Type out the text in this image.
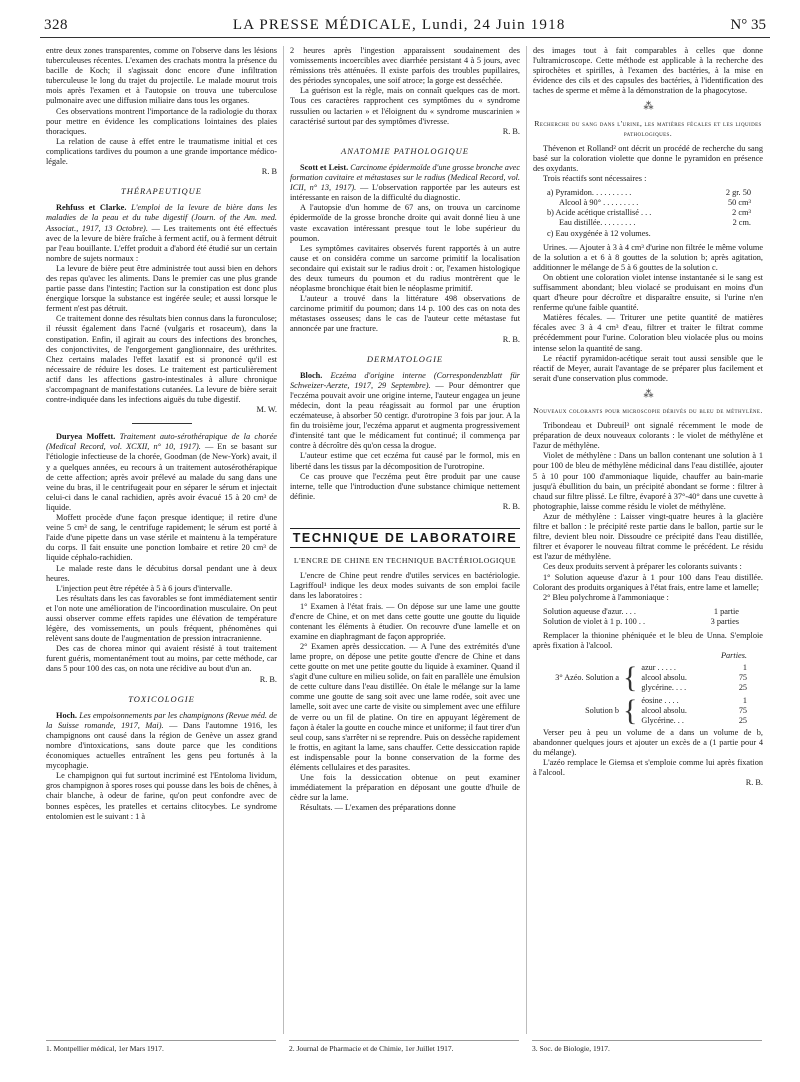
328	LA PRESSE MÉDICALE, Lundi, 24 Juin 1918	N° 35

entre deux zones transparentes, comme on l'observe dans les lésions tuberculeuses récentes. L'examen des crachats montra la présence du bacille de Koch; il s'agissait donc encore d'une infiltration tuberculeuse le long du trajet du projectile. Le malade mourut trois mois après l'examen et à l'autopsie on trouva une tuberculose pulmonaire avec une diffusion miliaire dans tous les organes.

Ces observations montrent l'importance de la radiologie du thorax pour mettre en évidence les complications lointaines des plaies thoraciques.

La relation de cause à effet entre le traumatisme initial et ces complications tardives du poumon a une grande importance médico-légale.

R. B
THÉRAPEUTIQUE

Rehfuss et Clarke. L'emploi de la levure de bière dans les maladies de la peau et du tube digestif (Journ. of the Am. med. Associat., 1917, 13 Octobre). — Les traitements ont été effectués avec de la levure de bière fraîche à ferment actif, ou à ferment détruit par l'eau bouillante. L'effet produit a d'abord été étudié sur un certain nombre de sujets normaux :

La levure de bière peut être administrée tout aussi bien en dehors des repas qu'avec les aliments. Dans le premier cas une plus grande partie passe dans l'intestin; l'action sur la constipation est donc plus énergique lorsque la substance est ingérée seule; et aussi lorsque le ferment n'est pas détruit.

Ce traitement donne des résultats bien connus dans la furonculose; il réussit également dans l'acné (vulgaris et rosaceum), dans la constipation. Enfin, il agirait au cours des infections des bronches, des conjonctivites, de l'engorgement ganglionnaire, des uréthrites. Chez certains malades l'effet laxatif est si prononcé qu'il est nécessaire de réduire les doses. Le traitement est particulièrement actif dans les affections gastro-intestinales à allure chronique s'accompagnant de manifestations cutanées. La levure de bière serait contre-indiquée dans les infections aiguës du tube digestif.

M. W.

Duryea Moffett. Traitement auto-sérothérapique de la chorée (Medical Record, vol. XCXII, n° 10, 1917). — En se basant sur l'étiologie infectieuse de la chorée, Goodman (de New-York) avait, il y a quelques années, eu recours à un traitement autosérothérapique de cette affection; après avoir prélevé au malade du sang dans une veine du bras, il le centrifugeait pour en séparer le sérum et injectait celui-ci dans le canal rachidien, après avoir évacué 15 à 20 cm³ de liquide.

Moffett procède d'une façon presque identique; il retire d'une veine 5 cm³ de sang, le centrifuge rapidement; le sérum est porté à l'aide d'une pipette dans un vase stérile et maintenu à la température du corps. Il fait ensuite une ponction lombaire et retire 20 cm³ de liquide céphalo-rachidien.

Le malade reste dans le décubitus dorsal pendant une à deux heures.

L'injection peut être répétée à 5 à 6 jours d'intervalle.

Les résultats dans les cas favorables se font immédiatement sentir et l'on note une amélioration de l'incoordination musculaire. On peut aussi observer comme effets rapides une élévation de température légère, des vomissements, un pouls fréquent, phénomènes qui relèvent sans doute de l'augmentation de pression intracranienne.

Des cas de chorea minor qui avaient résisté à tout traitement furent guéris, momentanément tout au moins, par cette méthode, car dans 5 pour 100 des cas, on nota une récidive au bout d'un an.

R. B.
TOXICOLOGIE

Hoch. Les empoisonnements par les champignons (Revue méd. de la Suisse romande, 1917, Mai). — Dans l'automne 1916, les champignons ont causé dans la région de Genève un assez grand nombre d'intoxications, sans doute parce que les conditions économiques actuelles entraînent les gens peu fortunés à la mycophagie.

Le champignon qui fut surtout incriminé est l'Entoloma lividum, gros champignon à spores roses qui pousse dans les bois de chênes, à chair blanche, à odeur de farine, qu'on peut confondre avec de bonnes espèces, les pratelles et certains clitocybes. Le syndrome entolomien est le suivant : 1 à

2 heures après l'ingestion apparaissent soudainement des vomissements incoercibles avec diarrhée persistant 4 à 5 jours, avec rémissions très atténuées. Il existe parfois des troubles pupillaires, des périodes syncopales, une soif atroce; la gorge est desséchée.

La guérison est la règle, mais on connaît quelques cas de mort. Tous ces caractères rapprochent ces symptômes du « syndrome russulien ou lactarien » et l'éloignent du « syndrome muscarinien » caractérisé surtout par des symptômes d'ivresse.

R. B.
ANATOMIE PATHOLOGIQUE

Scott et Leist. Carcinome épidermoïde d'une grosse bronche avec formation cavitaire et métastases sur le radius (Medical Record, vol. ICII, n° 13, 1917). — L'observation rapportée par les auteurs est intéressante en raison de la difficulté du diagnostic.

A l'autopsie d'un homme de 67 ans, on trouva un carcinome épidermoïde de la grosse bronche droite qui avait donné lieu à une vaste excavation intéressant presque tout le lobe supérieur du poumon.

Les symptômes cavitaires observés furent rapportés à un autre cause et on considéra comme un sarcome primitif la localisation secondaire qui existait sur le radius droit : or, l'examen histologique des deux tumeurs du poumon et du radius montrèrent que le néoplasme bronchique était bien le néoplasme primitif.

L'auteur a trouvé dans la littérature 498 observations de carcinome primitif du poumon; dans 14 p. 100 des cas on nota des métastases osseuses; dans le cas de l'auteur cette métastase fut annoncée par une fracture.

R. B.
DERMATOLOGIE

Bloch. Eczéma d'origine interne (Correspondenzblatt für Schweizer-Aerzte, 1917, 29 Septembre). — Pour démontrer que l'eczéma pouvait avoir une origine interne, l'auteur engagea un jeune médecin, dont la peau réagissait au formol par une éruption eczémateuse, à absorber 50 centigr. d'urotropine 3 fois par jour. A la fin du troisième jour, l'eczéma apparut et augmenta progressivement d'intensité tant que le médicament fut continué; il commença par contre à décroître dès qu'on cessa la drogue.

L'auteur estime que cet eczéma fut causé par le formol, mis en liberté dans les tissus par la décomposition de l'urotropine.

Ce cas prouve que l'eczéma peut être produit par une cause interne, telle que l'introduction d'une substance chimique nettement définie.

R. B.
TECHNIQUE DE LABORATOIRE
L'ENCRE DE CHINE EN TECHNIQUE BACTÉRIOLOGIQUE

L'encre de Chine peut rendre d'utiles services en bactériologie. Lagriffoul¹ indique les deux modes suivants de son emploi facile dans les laboratoires :

1° Examen à l'état frais. — On dépose sur une lame une goutte d'encre de Chine, et on met dans cette goutte une goutte du liquide contenant les éléments à étudier. On recouvre d'une lamelle et on examine en diaphragmant de façon appropriée.

2° Examen après dessiccation. — A l'une des extrémités d'une lame propre, on dépose une petite goutte d'encre de Chine et dans cette goutte on met une petite goutte du liquide à examiner. Quand il s'agit d'une culture en milieu solide, on fait en parallèle une émulsion de cette culture dans l'eau distillée. On étale le mélange sur la lame comme une goutte de sang soit avec une lame rodée, soit avec une lamelle, soit avec une carte de visite ou simplement avec une effilure de verre ou un fil de platine. On tire en appuyant légèrement de façon à étaler la goutte en couche mince et uniforme; il faut tirer d'un seul coup, sans s'arrêter ni se reprendre. Puis on dessèche rapidement le frottis, en agitant la lame, sans chauffer. Cette dessiccation rapide est indispensable pour la bonne conservation de la forme des éléments cellulaires et des parasites.

Une fois la dessiccation obtenue on peut examiner immédiatement la préparation en déposant une goutte d'huile de cèdre sur la lame.

Résultats. — L'examen des préparations donne

des images tout à fait comparables à celles que donne l'ultramicroscope. Cette méthode est applicable à la recherche des spirochètes et spirilles, à l'examen des bactéries, à la mise en évidence des cils et des capsules des bactéries, à l'identification des taches de sperme et même à la démonstration de la phagocytose.

⁂
Recherche du sang dans l'urine, les matières fécales et les liquides pathologiques.

Thévenon et Rolland² ont décrit un procédé de recherche du sang basé sur la coloration violette que donne le pyramidon en présence des oxydants.

Trois réactifs sont nécessaires :

a) Pyramidon. . . . . . . . . .	2 gr. 50
Alcool à 90° . . . . . . . . .	50 cm³
b) Acide acétique cristallisé . . .	2 cm³
Eau distillée. . . . . . . . .	2 cm.
c) Eau oxygénée à 12 volumes.

Urines. — Ajouter à 3 à 4 cm³ d'urine non filtrée le même volume de la solution a et 6 à 8 gouttes de la solution b; après agitation, additionner le mélange de 5 à 6 gouttes de la solution c.

On obtient une coloration violet intense instantanée si le sang est suffisamment abondant; bleu violacé se produisant en moins d'un quart d'heure pour décroître et disparaître ensuite, si l'urine n'en renferme qu'une faible quantité.

Matières fécales. — Triturer une petite quantité de matières fécales avec 3 à 4 cm³ d'eau, filtrer et traiter le filtrat comme précédemment pour l'urine. Coloration bleu violacée plus ou moins intense selon la quantité de sang.

Le réactif pyramidon-acétique serait tout aussi sensible que le réactif de Meyer, aurait l'avantage de se préparer plus facilement et serait d'une conservation plus commode.

⁂
Nouveaux colorants pour microscopie dérivés du bleu de méthylène.

Tribondeau et Dubreuil³ ont signalé récemment le mode de préparation de deux nouveaux colorants : le violet de méthylène et l'azur de méthylène.

Violet de méthylène : Dans un ballon contenant une solution à 1 pour 100 de bleu de méthylène médicinal dans l'eau distillée, ajouter 5 à 10 pour 100 d'ammoniaque liquide, chauffer au bain-marie jusqu'à ébullition du bain, un précipité abondant se forme : filtrer à chaud sur filtre plissé. Le filtre, évaporé à 37°-40° dans une cuvette à photographie, laisse comme résidu le violet de méthylène.

Azur de méthylène : Laisser vingt-quatre heures à la glacière filtre et ballon : le précipité reste partie dans le ballon, partie sur le filtre, devient bleu noir. Dissoudre ce précipité dans l'eau distillée, filtrer et évaporer le nouveau filtrat comme le précédent. Le résidu est l'azur de méthylène.

Ces deux produits servent à préparer les colorants suivants :

1° Solution aqueuse d'azur à 1 pour 100 dans l'eau distillée. Colorant des produits organiques à l'état frais, entre lame et lamelle;

2° Bleu polychrome à l'ammoniaque :

Solution aqueuse d'azur. . . .	1 partie
Solution de violet à 1 p. 100 . .	3 parties

Remplacer la thionine phéniquée et le bleu de Unna. S'emploie après fixation à l'alcool.

Parties.
3° Azéo. Solution a { azur . . . . .	1
alcool absolu.	75
glycérine. . . .	25
Solution b { éosine . . . .	1
alcool absolu.	75
Glycérine. . .	25

Verser peu à peu un volume de a dans un volume de b, abandonner quelques jours et ajouter un excès de a (1 partie pour 4 du mélange).

L'azéo remplace le Giemsa et s'emploie comme lui après fixation à l'alcool.

R. B.
1. Montpellier médical, 1er Mars 1917.	2. Journal de Pharmacie et de Chimie, 1er Juillet 1917.	3. Soc. de Biologie, 1917.
